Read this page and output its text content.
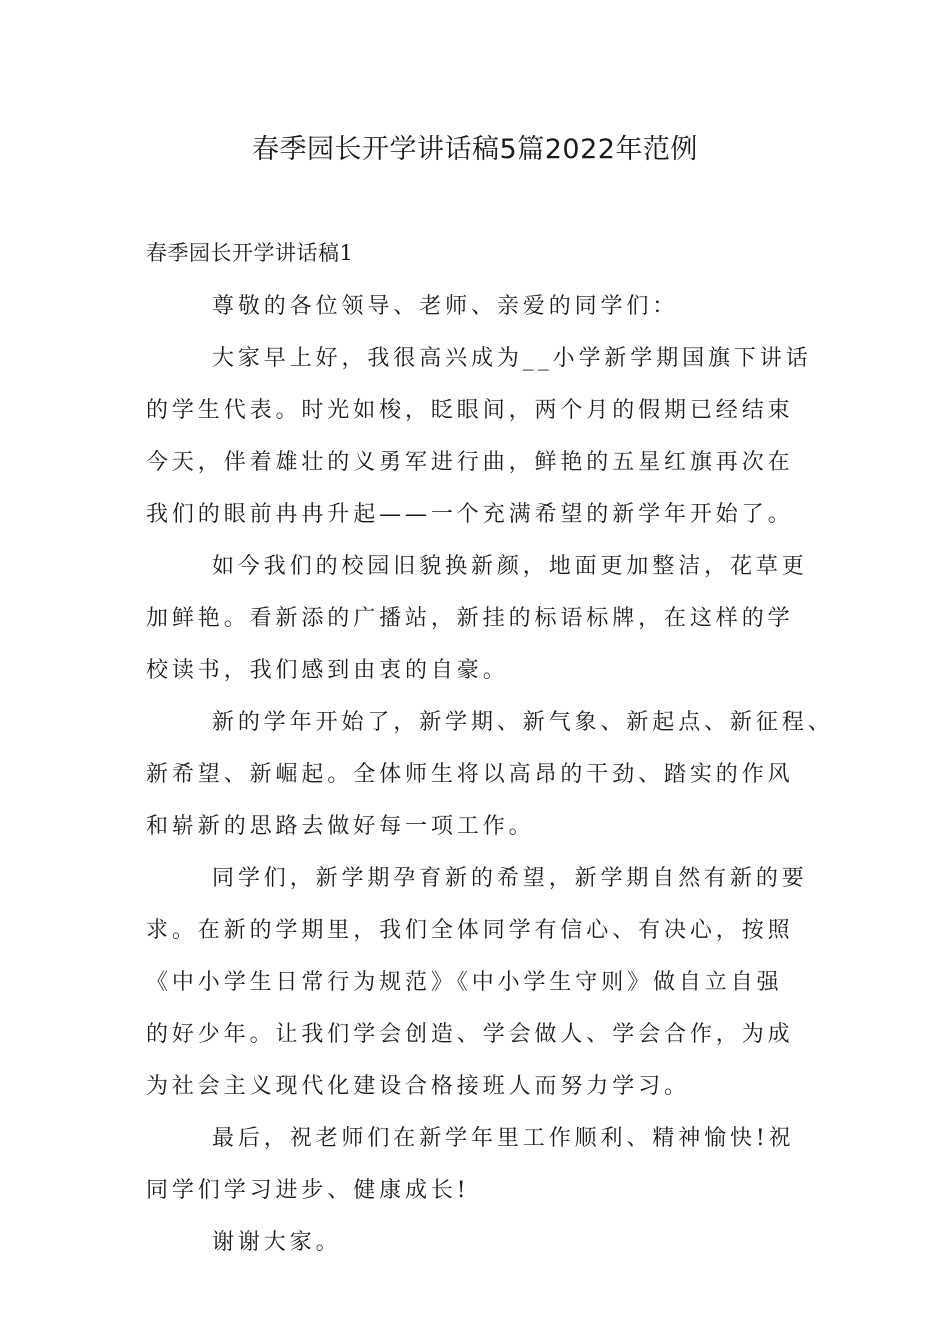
春季园长开学讲话稿5篇2022年范例

春季园长开学讲话稿1

尊敬的各位领导、老师、亲爱的同学们：
大家早上好，我很高兴成为__小学新学期国旗下讲话
的学生代表。时光如梭，眨眼间，两个月的假期已经结束
今天，伴着雄壮的义勇军进行曲，鲜艳的五星红旗再次在
我们的眼前冉冉升起——一个充满希望的新学年开始了。
如今我们的校园旧貌换新颜，地面更加整洁，花草更
加鲜艳。看新添的广播站，新挂的标语标牌，在这样的学
校读书，我们感到由衷的自豪。
新的学年开始了，新学期、新气象、新起点、新征程、
新希望、新崛起。全体师生将以高昂的干劲、踏实的作风
和崭新的思路去做好每一项工作。
同学们，新学期孕育新的希望，新学期自然有新的要
求。在新的学期里，我们全体同学有信心、有决心，按照
《中小学生日常行为规范》《中小学生守则》做自立自强
的好少年。让我们学会创造、学会做人、学会合作，为成
为社会主义现代化建设合格接班人而努力学习。
最后，祝老师们在新学年里工作顺利、精神愉快!祝
同学们学习进步、健康成长!
谢谢大家。
